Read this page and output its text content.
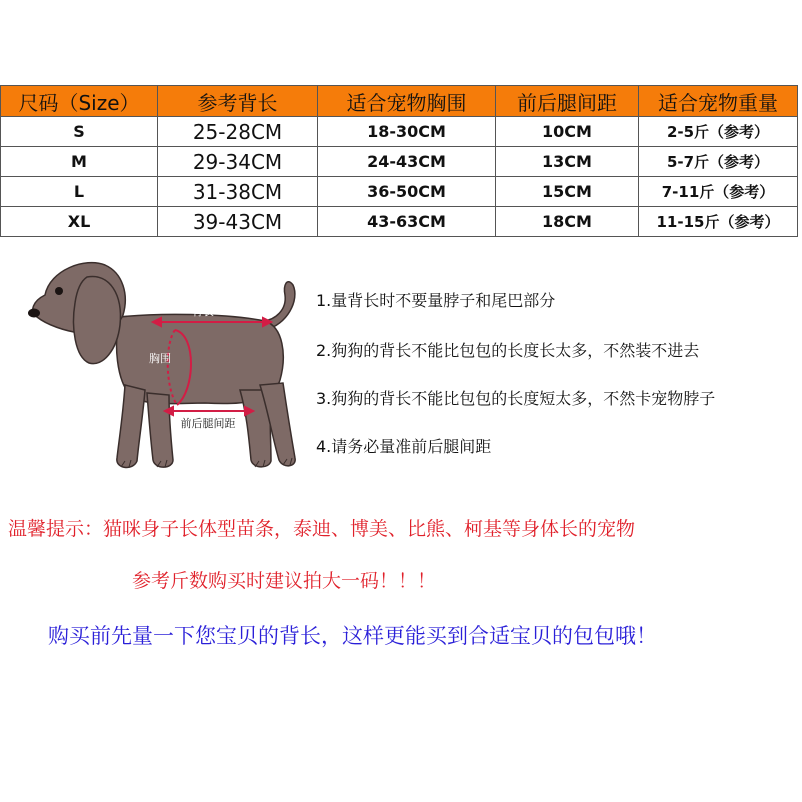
尺码（Size）	参考背长	适合宠物胸围	前后腿间距	适合宠物重量
S	25-28CM	18-30CM	10CM	2-5斤（参考）
M	29-34CM	24-43CM	13CM	5-7斤（参考）
L	31-38CM	36-50CM	15CM	7-11斤（参考）
XL	39-43CM	43-63CM	18CM	11-15斤（参考）
背长
胸围
前后腿间距
1.量背长时不要量脖子和尾巴部分
2.狗狗的背长不能比包包的长度长太多，不然装不进去
3.狗狗的背长不能比包包的长度短太多，不然卡宠物脖子
4.请务必量准前后腿间距
温馨提示：猫咪身子长体型苗条，泰迪、博美、比熊、柯基等身体长的宠物
参考斤数购买时建议拍大一码！！！
购买前先量一下您宝贝的背长，这样更能买到合适宝贝的包包哦！
